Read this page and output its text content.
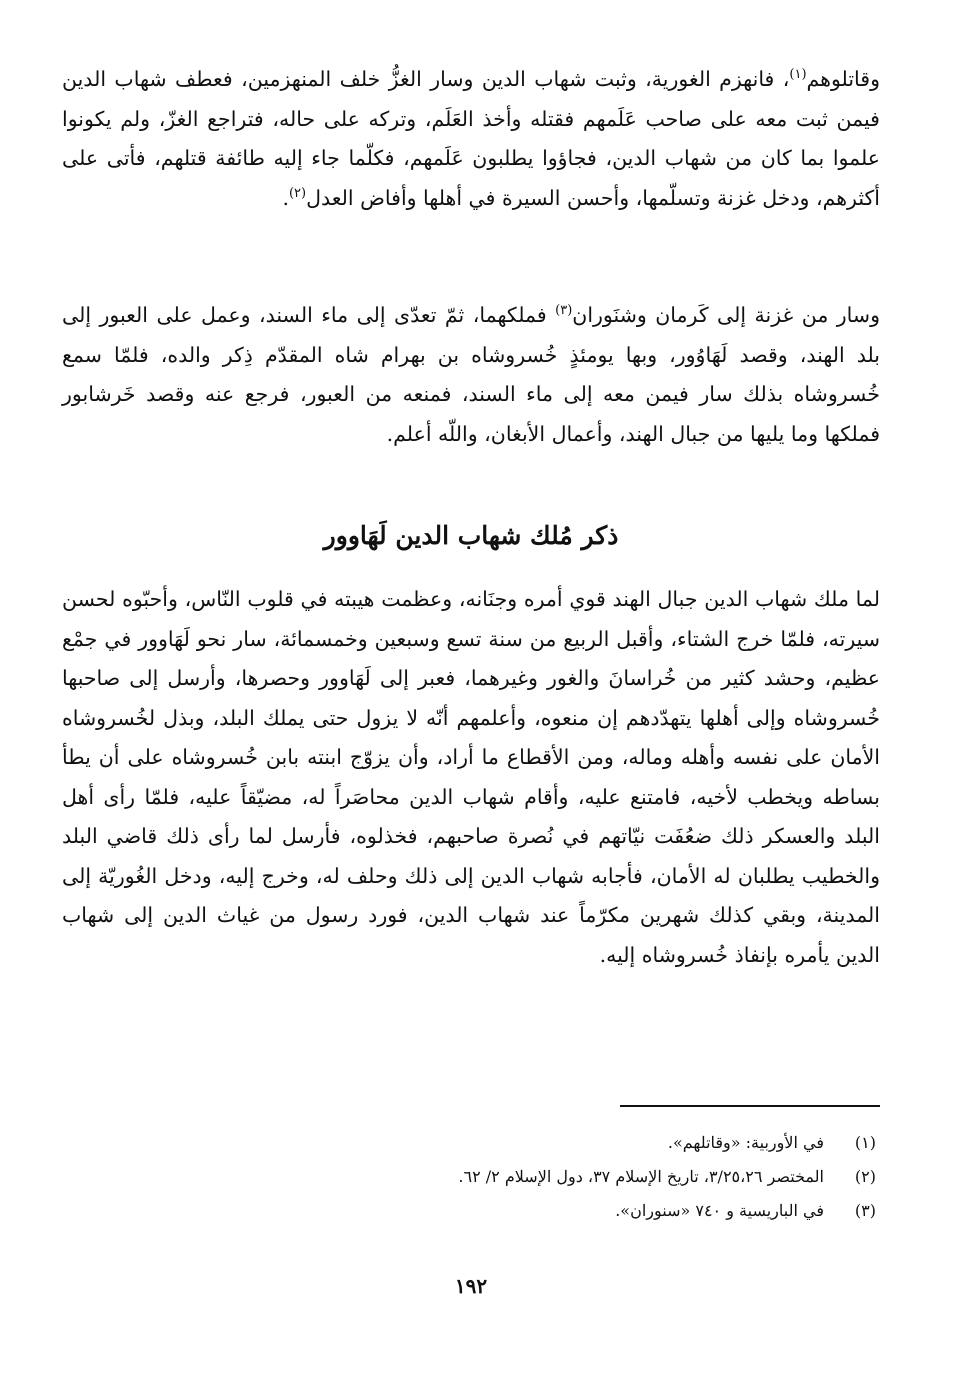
وقاتلوهم$^{(١)}$، فانهزم الغورية، وثبت شهاب الدين وسار الغزُّ خلف المنهزمين، فعطف شهاب الدين فيمن ثبت معه على صاحب عَلَمهم فقتله وأخذ العَلَم، وتركه على حاله، فتراجع الغزّ، ولم يكونوا علموا بما كان من شهاب الدين، فجاؤوا يطلبون عَلَمهم، فكلّما جاء إليه طائفة قتلهم، فأتى على أكثرهم، ودخل غزنة وتسلّمها، وأحسن السيرة في أهلها وأفاض العدل$^{(٢)}$.

وسار من غزنة إلى كَرمان وشنَوران$^{(٣)}$ فملكهما، ثمّ تعدّى إلى ماء السند، وعمل على العبور إلى بلد الهند، وقصد لَهَاوُور، وبها يومئذٍ خُسروشاه بن بهرام شاه المقدّم ذِكر والده، فلمّا سمع خُسروشاه بذلك سار فيمن معه إلى ماء السند، فمنعه من العبور، فرجع عنه وقصد خَرشابور فملكها وما يليها من جبال الهند، وأعمال الأبغان، واللّه أعلم.

ذكر مُلك شهاب الدين لَهَاوور

لما ملك شهاب الدين جبال الهند قوي أمره وجنَانه، وعظمت هيبته في قلوب النّاس، وأحبّوه لحسن سيرته، فلمّا خرج الشتاء، وأقبل الربيع من سنة تسع وسبعين وخمسمائة، سار نحو لَهَاوور في جمْع عظيم، وحشد كثير من خُراسانَ والغور وغيرهما، فعبر إلى لَهَاوور وحصرها، وأرسل إلى صاحبها خُسروشاه وإلى أهلها يتهدّدهم إن منعوه، وأعلمهم أنّه لا يزول حتى يملك البلد، وبذل لخُسروشاه الأمان على نفسه وأهله وماله، ومن الأقطاع ما أراد، وأن يزوّج ابنته بابن خُسروشاه على أن يطأ بساطه ويخطب لأخيه، فامتنع عليه، وأقام شهاب الدين محاصَراً له، مضيّقاً عليه، فلمّا رأى أهل البلد والعسكر ذلك ضعُفَت نيّاتهم في نُصرة صاحبهم، فخذلوه، فأرسل لما رأى ذلك قاضي البلد والخطيب يطلبان له الأمان، فأجابه شهاب الدين إلى ذلك وحلف له، وخرج إليه، ودخل الغُوريّة إلى المدينة، وبقي كذلك شهرين مكرّماً عند شهاب الدين، فورد رسول من غياث الدين إلى شهاب الدين يأمره بإنفاذ خُسروشاه إليه.

(١)
في الأوربية: «وقاتلهم».
(٢)
المختصر ٣/٢٥،٢٦، تاريخ الإسلام ٣٧، دول الإسلام ٢/ ٦٢.
(٣)
في الباريسية و ٧٤٠ «سنوران».
١٩٢
